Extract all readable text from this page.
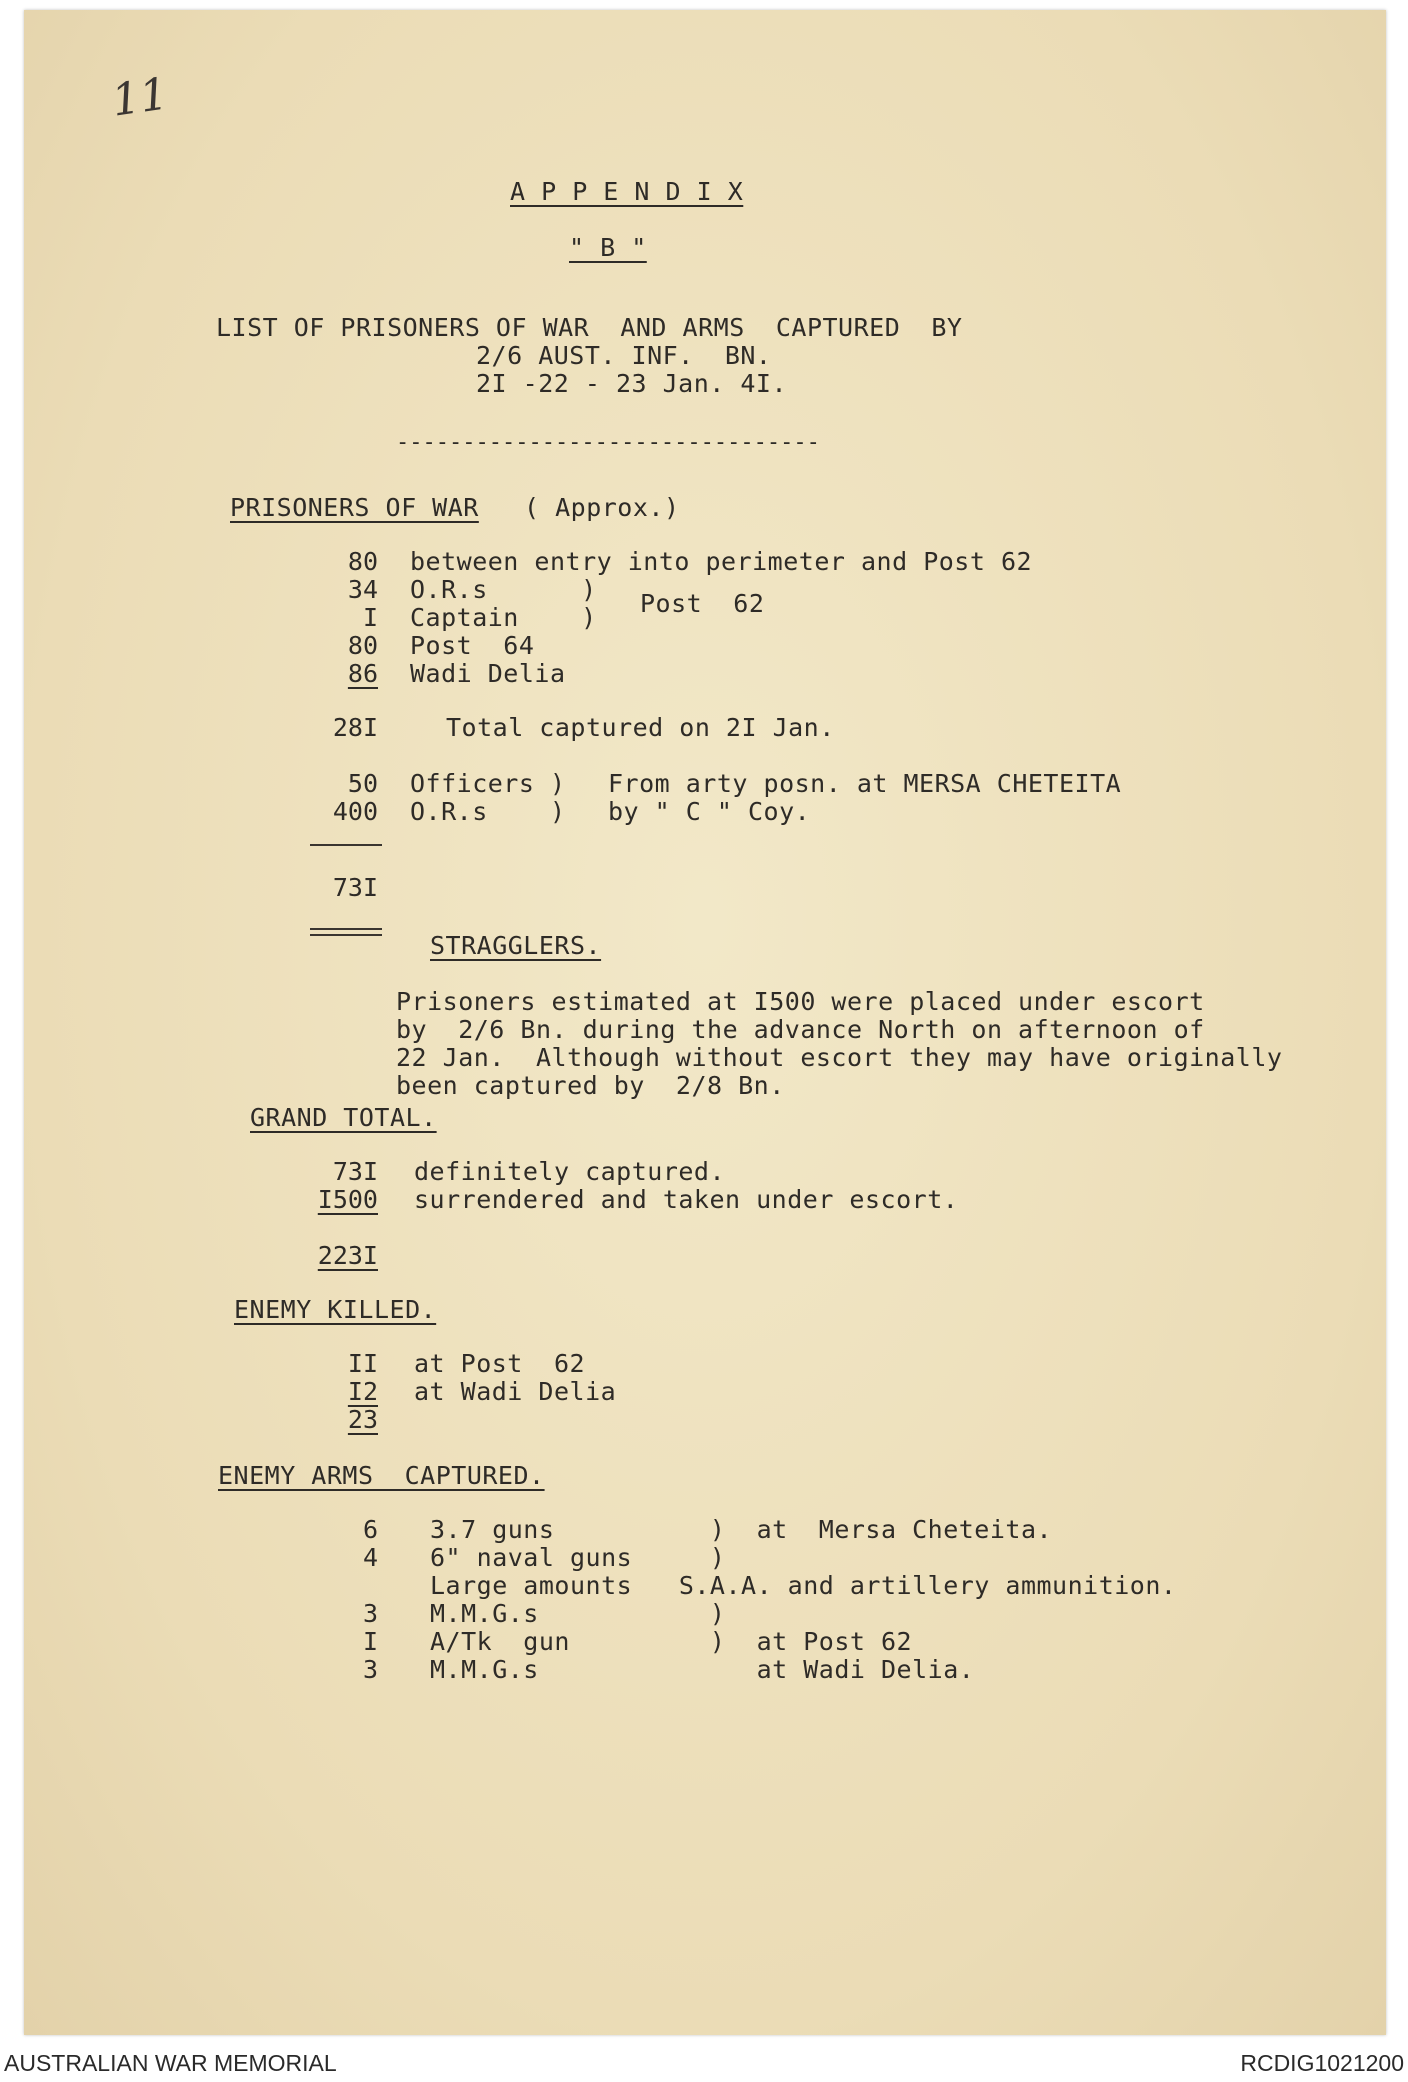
11
A P P E N D I X
" B "
LIST OF PRISONERS OF WAR  AND ARMS  CAPTURED  BY
2/6 AUST. INF.  BN.
2I -22 - 23 Jan. 4I.
--------------------------------
PRISONERS OF WAR ( Approx.)
80 between entry into perimeter and Post 62
34 O.R.s      )
I Captain    ) Post  62
80 Post  64
86 Wadi Delia
28I	Total captured on 2I Jan.
50 Officers ) From arty posn. at MERSA CHETEITA
400 O.R.s    ) by " C " Coy.
73I
STRAGGLERS.
Prisoners estimated at I500 were placed under escort
by  2/6 Bn. during the advance North on afternoon of
22 Jan.  Although without escort they may have originally
been captured by  2/8 Bn.
GRAND TOTAL.
73I definitely captured.
I500 surrendered and taken under escort.
223I
ENEMY KILLED.
II at Post  62
I2 at Wadi Delia
23
ENEMY ARMS  CAPTURED.
6 3.7 guns          )  at  Mersa Cheteita.
4 6" naval guns     )
Large amounts   S.A.A. and artillery ammunition.
3 M.M.G.s           )
I A/Tk  gun         )  at Post 62
3 M.M.G.s              at Wadi Delia.
AUSTRALIAN WAR MEMORIAL	RCDIG1021200
